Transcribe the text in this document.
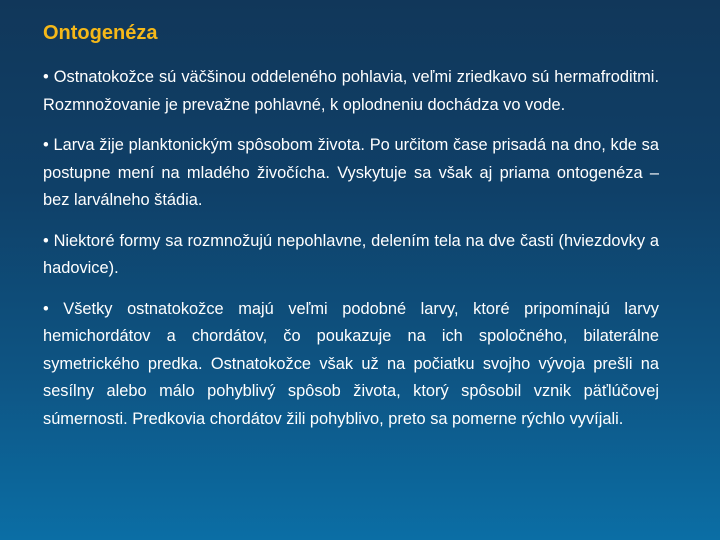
Ontogenéza
• Ostnatokožce sú väčšinou oddeleného pohlavia, veľmi zriedkavo sú hermafroditmi. Rozmnožovanie je prevažne pohlavné, k oplodneniu dochádza vo vode.
• Larva žije planktonickým spôsobom života. Po určitom čase prisadá na dno, kde sa postupne mení na mladého živočícha. Vyskytuje sa však aj priama ontogenéza – bez larválneho štádia.
• Niektoré formy sa rozmnožujú nepohlavne, delením tela na dve časti (hviezdovky a hadovice).
• Všetky ostnatokožce majú veľmi podobné larvy, ktoré pripomínajú larvy hemichordátov a chordátov, čo poukazuje na ich spoločného, bilaterálne symetrického predka. Ostnatokožce však už na počiatku svojho vývoja prešli na sesílny alebo málo pohyblivý spôsob života, ktorý spôsobil vznik päťlúčovej súmernosti. Predkovia chordátov žili pohyblivo, preto sa pomerne rýchlo vyvíjali.
